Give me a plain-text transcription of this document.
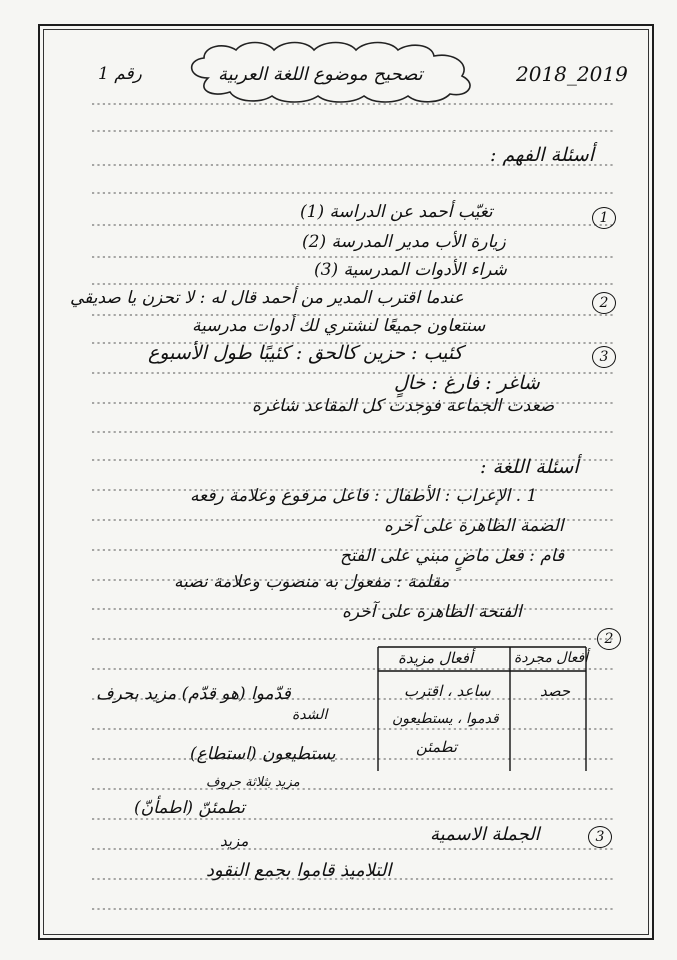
تصحيح موضوع اللغة العربية
رقم 1	2018_2019
أسئلة الفهم :
1
تغيّب أحمد عن الدراسة (1)
زيارة الأب مدير المدرسة (2)
شراء الأدوات المدرسية (3)
2
عندما اقترب المدير من أحمد قال له : لا تحزن يا صديقي
سنتعاون جميعًا لنشتري لك أدوات مدرسية
3
كئيب : حزين كالحق : كئيبًا طول الأسبوع
شاغر : فارغ : خالٍ
صعدت الجماعة فوجدت كل المقاعد شاغرة
أسئلة اللغة :
1 . الإعراب : الأطفال : فاعل مرفوع وعلامة رفعه
الضمة الظاهرة على آخره
قام : فعل ماضٍ مبني على الفتح
مقلمة : مفعول به منصوب وعلامة نصبه
الفتحة الظاهرة على آخره
2
أفعال مزيدة	أفعال مجردة
ساعد ، اقترب	حصد
قدموا ، يستطيعون
تطمئن
قدّموا (هو قدّم) مزيد بحرف
الشدة
يستطيعون (استطاع)
مزيد بثلاثة حروف
تطمئنّ (اطمأنّ)
3
الجملة الاسمية
مزيد
التلاميذ قاموا بجمع النقود
